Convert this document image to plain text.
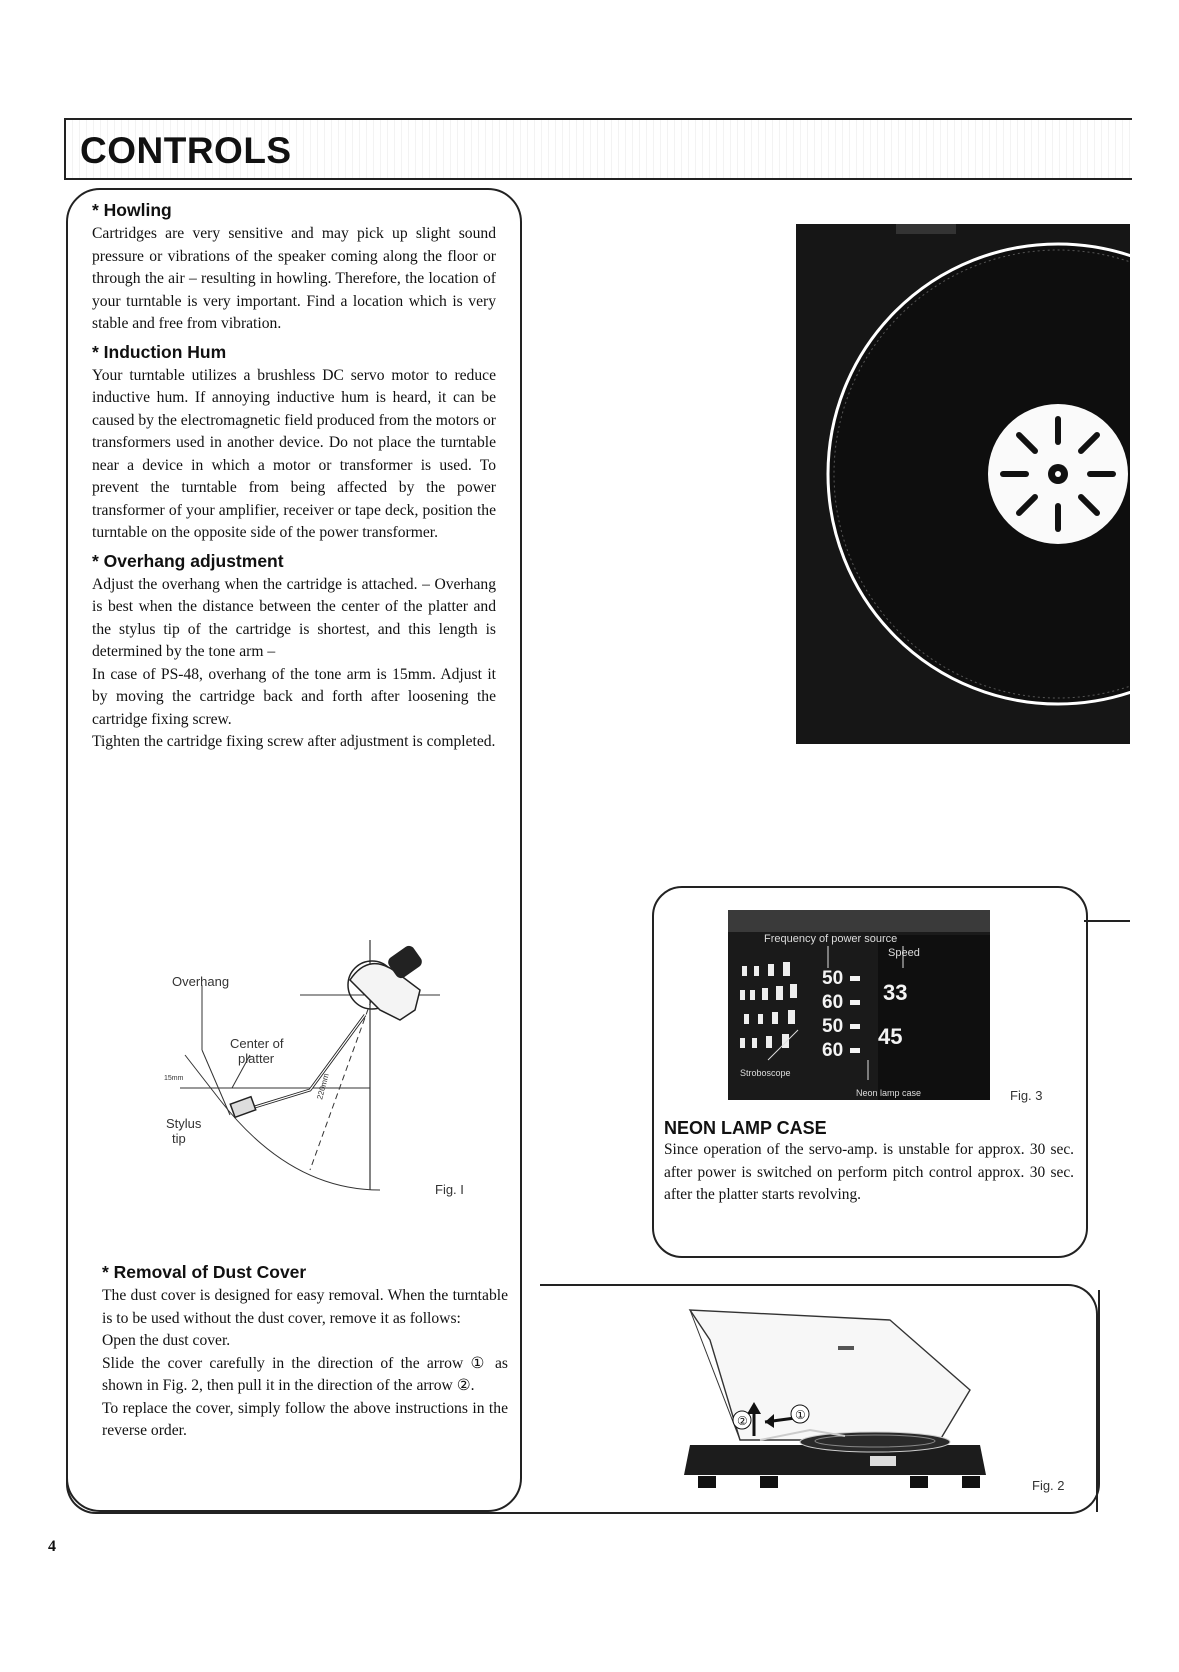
CONTROLS

* Howling

Cartridges are very sensitive and may pick up slight sound pressure or vibrations of the speaker coming along the floor or through the air – resulting in howling. Therefore, the location of your turntable is very important. Find a location which is very stable and free from vibration.

* Induction Hum

Your turntable utilizes a brushless DC servo motor to reduce inductive hum. If annoying inductive hum is heard, it can be caused by the electromagnetic field produced from the motors or transformers used in another device. Do not place the turntable near a device in which a motor or transformer is used. To prevent the turntable from being affected by the power transformer of your amplifier, receiver or tape deck, position the turntable on the opposite side of the power transformer.

* Overhang adjustment

Adjust the overhang when the cartridge is attached. – Overhang is best when the distance between the center of the platter and the stylus tip of the cartridge is shortest, and this length is determined by the tone arm –

In case of PS-48, overhang of the tone arm is 15mm. Adjust it by moving the cartridge back and forth after loosening the cartridge fixing screw.

Tighten the cartridge fixing screw after adjustment is completed.

Overhang
Center of
platter
Stylus
tip
15mm	220mm
Fig. I

* Removal of Dust Cover

The dust cover is designed for easy removal. When the turntable is to be used without the dust cover, remove it as follows:

Open the dust cover.

Slide the cover carefully in the direction of the arrow ① as shown in Fig. 2, then pull it in the direction of the arrow ②.

To replace the cover, simply follow the above instructions in the reverse order.

50
60
50
60
33
45
Frequency of power source
Speed
Stroboscope
Neon lamp case	Fig. 3
NEON LAMP CASE

Since operation of the servo-amp. is unstable for approx. 30 sec. after power is switched on perform pitch control approx. 30 sec. after the platter starts revolving.

①
②
Fig. 2
4
